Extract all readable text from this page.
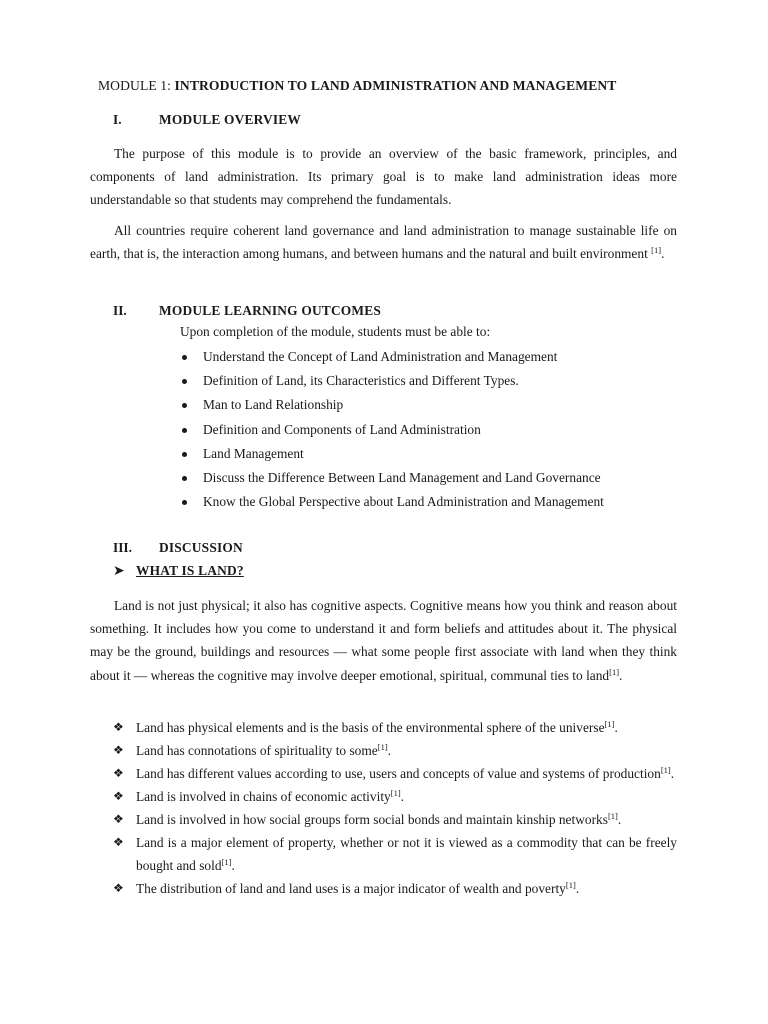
MODULE 1: INTRODUCTION TO LAND ADMINISTRATION AND MANAGEMENT
I.	MODULE OVERVIEW
The purpose of this module is to provide an overview of the basic framework, principles, and components of land administration. Its primary goal is to make land administration ideas more understandable so that students may comprehend the fundamentals.
All countries require coherent land governance and land administration to manage sustainable life on earth, that is, the interaction among humans, and between humans and the natural and built environment [1].
II. MODULE LEARNING OUTCOMES
Upon completion of the module, students must be able to:
Understand the Concept of Land Administration and Management
Definition of Land, its Characteristics and Different Types.
Man to Land Relationship
Definition and Components of Land Administration
Land Management
Discuss the Difference Between Land Management and Land Governance
Know the Global Perspective about Land Administration and Management
III. DISCUSSION
➤ WHAT IS LAND?
Land is not just physical; it also has cognitive aspects. Cognitive means how you think and reason about something. It includes how you come to understand it and form beliefs and attitudes about it. The physical may be the ground, buildings and resources — what some people first associate with land when they think about it — whereas the cognitive may involve deeper emotional, spiritual, communal ties to land[1].
❖ Land has physical elements and is the basis of the environmental sphere of the universe[1].
❖ Land has connotations of spirituality to some[1].
❖ Land has different values according to use, users and concepts of value and systems of production[1].
❖ Land is involved in chains of economic activity[1].
❖ Land is involved in how social groups form social bonds and maintain kinship networks[1].
❖ Land is a major element of property, whether or not it is viewed as a commodity that can be freely bought and sold[1].
❖ The distribution of land and land uses is a major indicator of wealth and poverty[1].
